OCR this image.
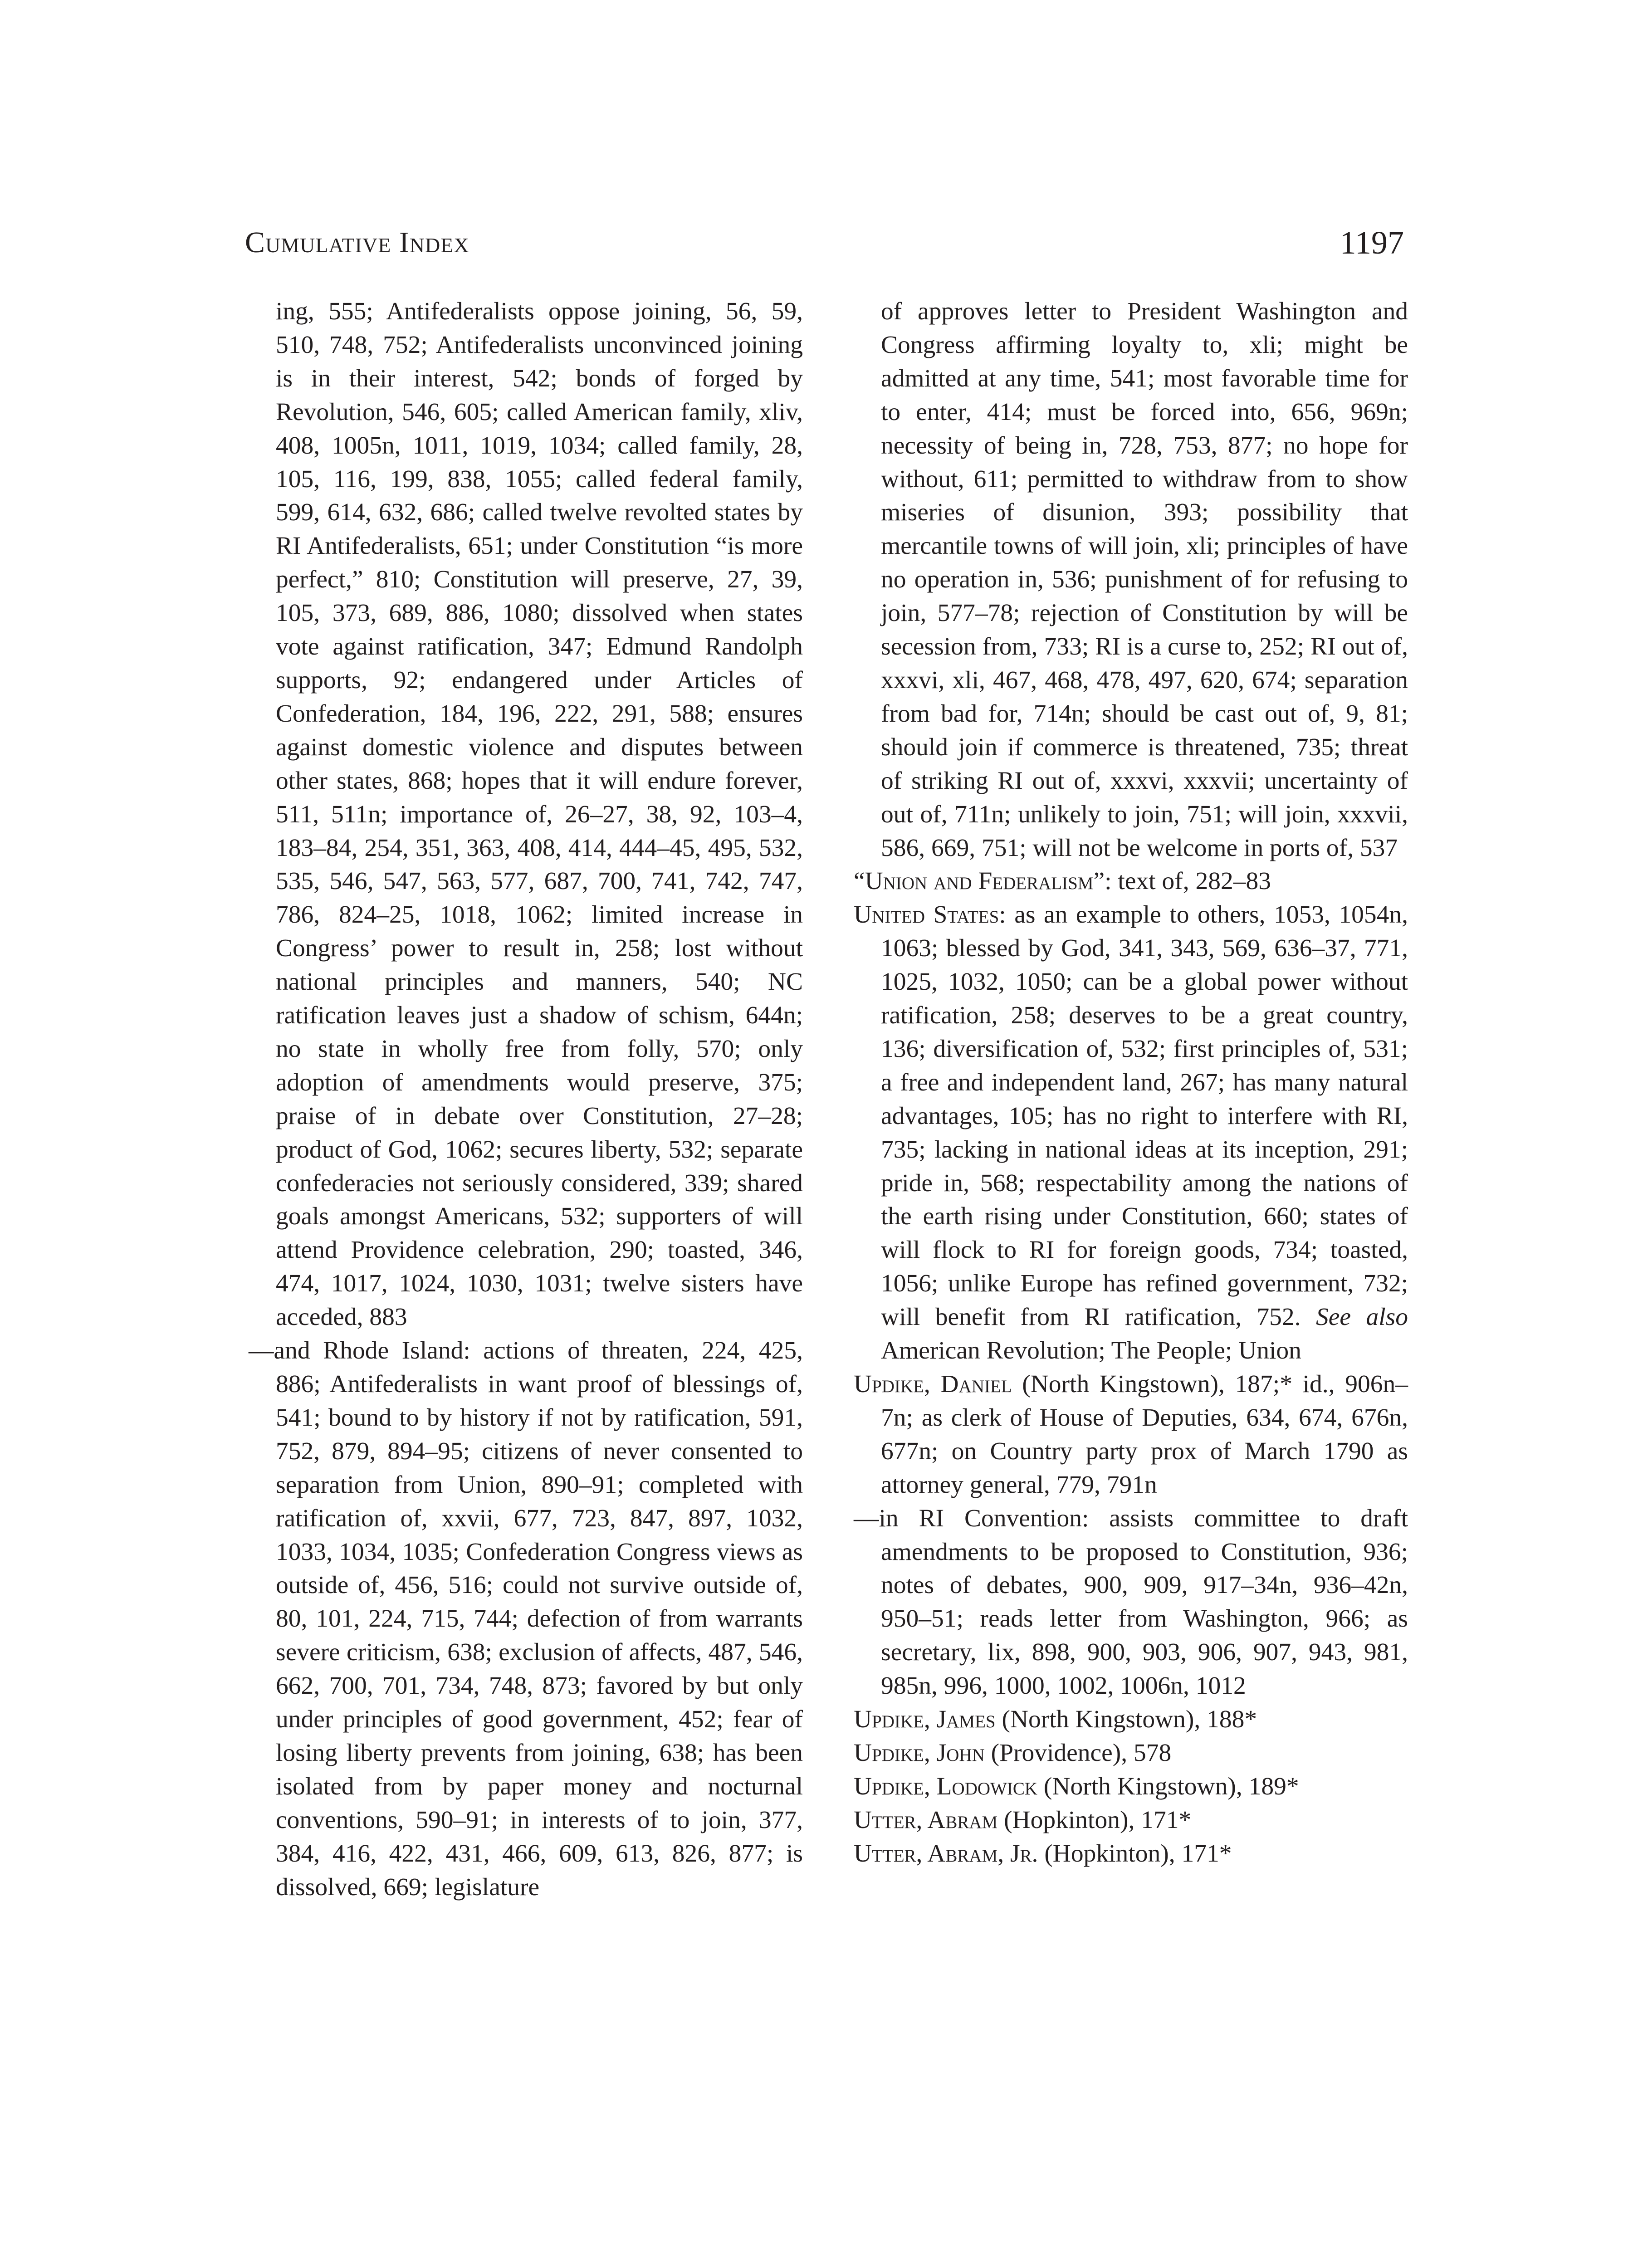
Cumulative Index	1197

ing, 555; Antifederalists oppose joining, 56, 59, 510, 748, 752; Antifederalists unconvinced joining is in their interest, 542; bonds of forged by Revolution, 546, 605; called American family, xliv, 408, 1005n, 1011, 1019, 1034; called family, 28, 105, 116, 199, 838, 1055; called federal family, 599, 614, 632, 686; called twelve revolted states by RI Antifederalists, 651; under Constitution “is more perfect,” 810; Constitution will preserve, 27, 39, 105, 373, 689, 886, 1080; dissolved when states vote against ratification, 347; Edmund Randolph supports, 92; endangered under Articles of Confederation, 184, 196, 222, 291, 588; ensures against domestic violence and disputes between other states, 868; hopes that it will endure forever, 511, 511n; importance of, 26–27, 38, 92, 103–4, 183–84, 254, 351, 363, 408, 414, 444–45, 495, 532, 535, 546, 547, 563, 577, 687, 700, 741, 742, 747, 786, 824–25, 1018, 1062; limited increase in Congress’ power to result in, 258; lost without national principles and manners, 540; NC ratification leaves just a shadow of schism, 644n; no state in wholly free from folly, 570; only adoption of amendments would preserve, 375; praise of in debate over Constitution, 27–28; product of God, 1062; secures liberty, 532; separate confederacies not seriously considered, 339; shared goals amongst Americans, 532; supporters of will attend Providence celebration, 290; toasted, 346, 474, 1017, 1024, 1030, 1031; twelve sisters have acceded, 883

—and Rhode Island: actions of threaten, 224, 425, 886; Antifederalists in want proof of blessings of, 541; bound to by history if not by ratification, 591, 752, 879, 894–95; citizens of never consented to separation from Union, 890–91; completed with ratification of, xxvii, 677, 723, 847, 897, 1032, 1033, 1034, 1035; Confederation Congress views as outside of, 456, 516; could not survive outside of, 80, 101, 224, 715, 744; defection of from warrants severe criticism, 638; exclusion of affects, 487, 546, 662, 700, 701, 734, 748, 873; favored by but only under principles of good government, 452; fear of losing liberty prevents from joining, 638; has been isolated from by paper money and nocturnal conventions, 590–91; in interests of to join, 377, 384, 416, 422, 431, 466, 609, 613, 826, 877; is dissolved, 669; legislature

of approves letter to President Washington and Congress affirming loyalty to, xli; might be admitted at any time, 541; most favorable time for to enter, 414; must be forced into, 656, 969n; necessity of being in, 728, 753, 877; no hope for without, 611; permitted to withdraw from to show miseries of disunion, 393; possibility that mercantile towns of will join, xli; principles of have no operation in, 536; punishment of for refusing to join, 577–78; rejection of Constitution by will be secession from, 733; RI is a curse to, 252; RI out of, xxxvi, xli, 467, 468, 478, 497, 620, 674; separation from bad for, 714n; should be cast out of, 9, 81; should join if commerce is threatened, 735; threat of striking RI out of, xxxvi, xxxvii; uncertainty of out of, 711n; unlikely to join, 751; will join, xxxvii, 586, 669, 751; will not be welcome in ports of, 537

“Union and Federalism”: text of, 282–83

United States: as an example to others, 1053, 1054n, 1063; blessed by God, 341, 343, 569, 636–37, 771, 1025, 1032, 1050; can be a global power without ratification, 258; deserves to be a great country, 136; diversification of, 532; first principles of, 531; a free and independent land, 267; has many natural advantages, 105; has no right to interfere with RI, 735; lacking in national ideas at its inception, 291; pride in, 568; respectability among the nations of the earth rising under Constitution, 660; states of will flock to RI for foreign goods, 734; toasted, 1056; unlike Europe has refined government, 732; will benefit from RI ratification, 752. See also American Revolution; The People; Union

Updike, Daniel (North Kingstown), 187;* id., 906n–7n; as clerk of House of Deputies, 634, 674, 676n, 677n; on Country party prox of March 1790 as attorney general, 779, 791n

—in RI Convention: assists committee to draft amendments to be proposed to Constitution, 936; notes of debates, 900, 909, 917–34n, 936–42n, 950–51; reads letter from Washington, 966; as secretary, lix, 898, 900, 903, 906, 907, 943, 981, 985n, 996, 1000, 1002, 1006n, 1012

Updike, James (North Kingstown), 188*

Updike, John (Providence), 578

Updike, Lodowick (North Kingstown), 189*

Utter, Abram (Hopkinton), 171*

Utter, Abram, Jr. (Hopkinton), 171*
